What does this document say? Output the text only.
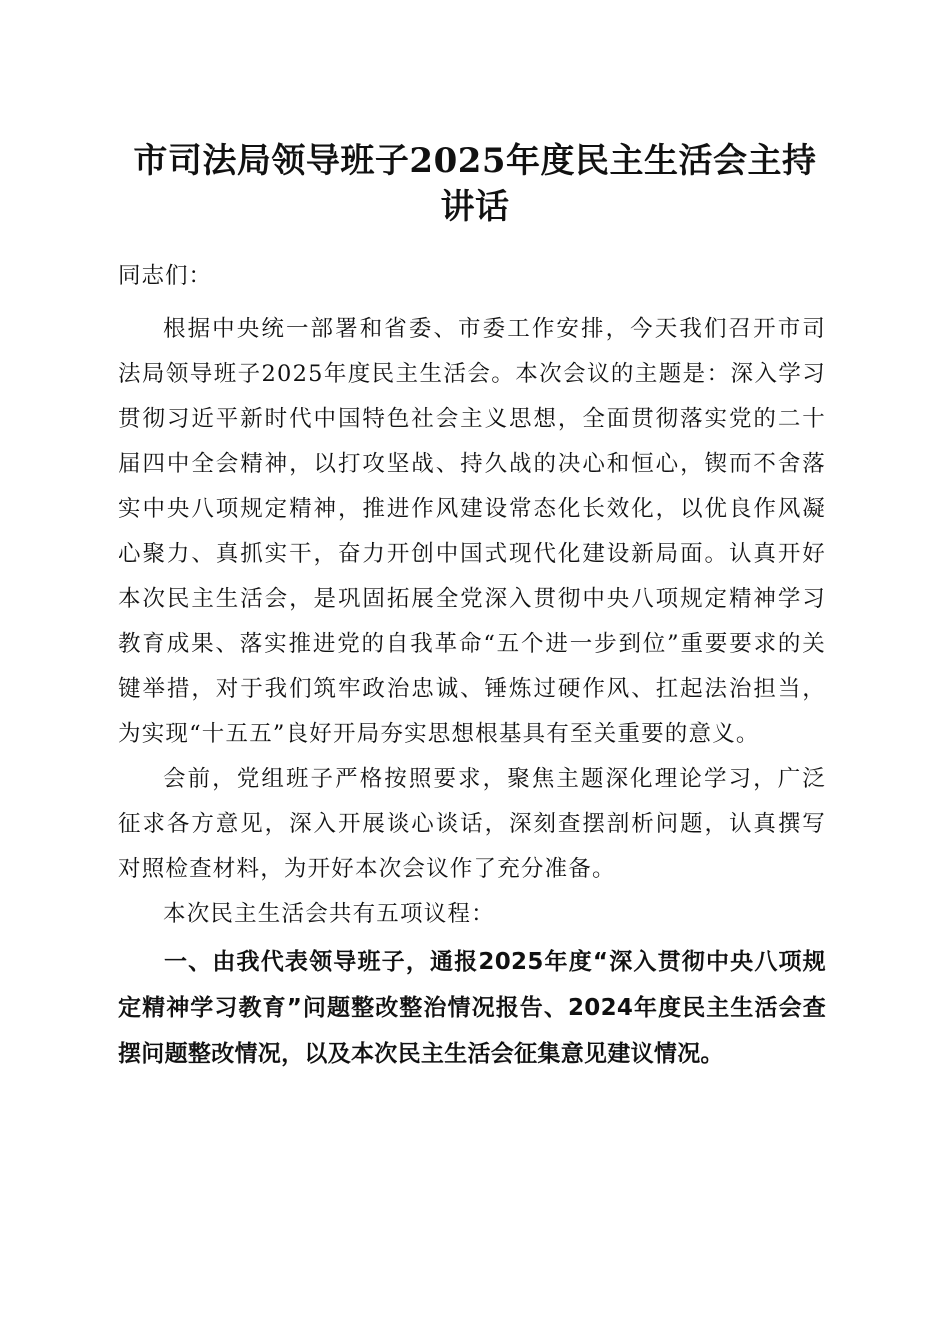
市司法局领导班子2025年度民主生活会主持讲话

同志们：

根据中央统一部署和省委、市委工作安排，今天我们召开市司法局领导班子2025年度民主生活会。本次会议的主题是：深入学习贯彻习近平新时代中国特色社会主义思想，全面贯彻落实党的二十届四中全会精神，以打攻坚战、持久战的决心和恒心，锲而不舍落实中央八项规定精神，推进作风建设常态化长效化，以优良作风凝心聚力、真抓实干，奋力开创中国式现代化建设新局面。认真开好本次民主生活会，是巩固拓展全党深入贯彻中央八项规定精神学习教育成果、落实推进党的自我革命“五个进一步到位”重要要求的关键举措，对于我们筑牢政治忠诚、锤炼过硬作风、扛起法治担当，为实现“十五五”良好开局夯实思想根基具有至关重要的意义。

会前，党组班子严格按照要求，聚焦主题深化理论学习，广泛征求各方意见，深入开展谈心谈话，深刻查摆剖析问题，认真撰写对照检查材料，为开好本次会议作了充分准备。

本次民主生活会共有五项议程：

一、由我代表领导班子，通报2025年度“深入贯彻中央八项规定精神学习教育”问题整改整治情况报告、2024年度民主生活会查摆问题整改情况，以及本次民主生活会征集意见建议情况。
